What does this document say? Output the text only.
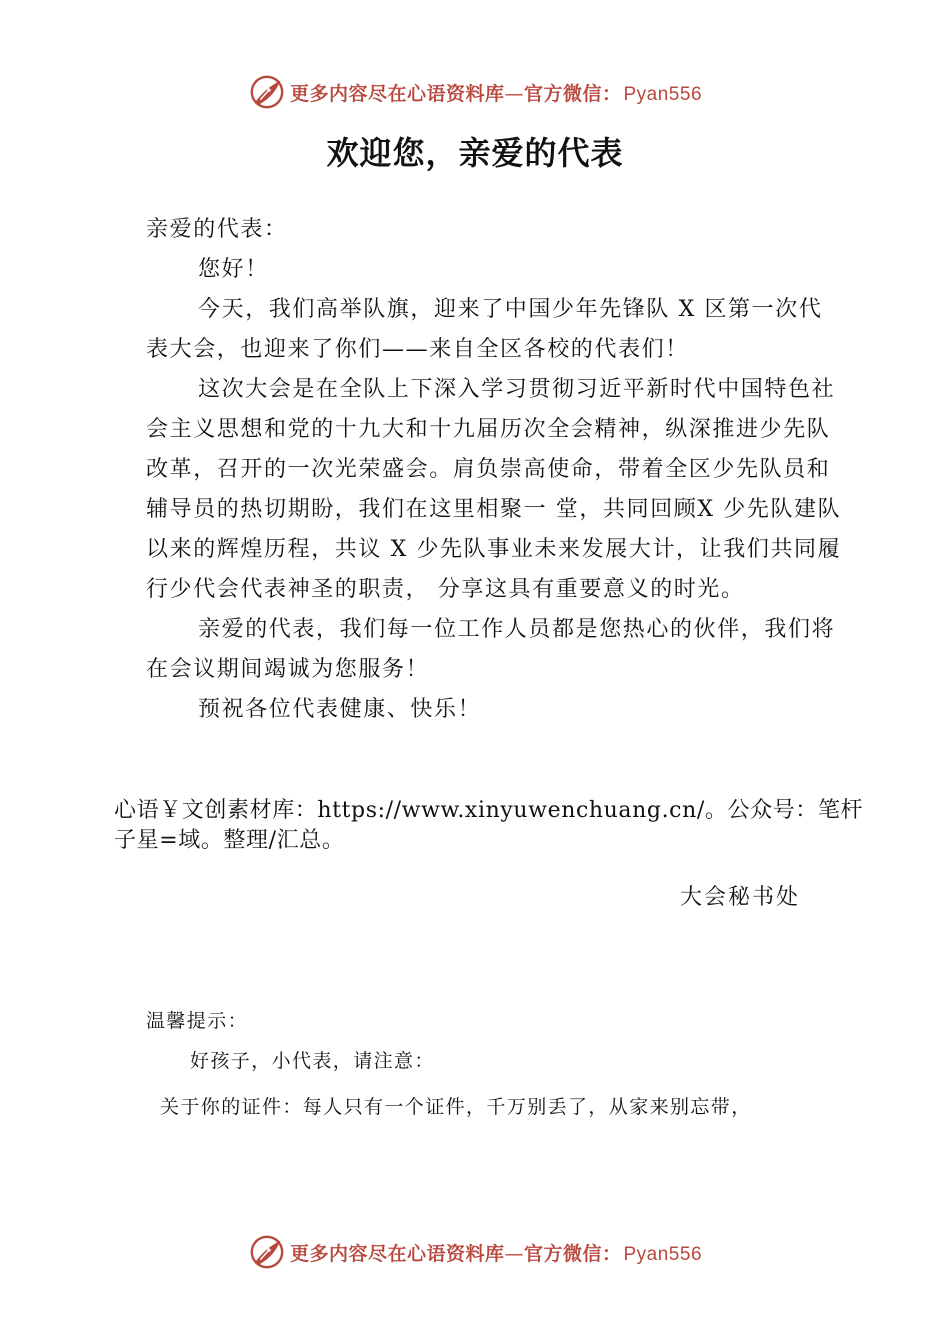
更多内容尽在心语资料库—官方微信： Pyan556
欢迎您，亲爱的代表

亲爱的代表：

您好！

今天，我们高举队旗，迎来了中国少年先锋队 X 区第一次代表大会，也迎来了你们——来自全区各校的代表们！

这次大会是在全队上下深入学习贯彻习近平新时代中国特色社会主义思想和党的十九大和十九届历次全会精神，纵深推进少先队改革，召开的一次光荣盛会。肩负崇高使命，带着全区少先队员和辅导员的热切期盼，我们在这里相聚一 堂，共同回顾X 少先队建队以来的辉煌历程，共议 X 少先队事业未来发展大计，让我们共同履行少代会代表神圣的职责， 分享这具有重要意义的时光。

亲爱的代表，我们每一位工作人员都是您热心的伙伴，我们将在会议期间竭诚为您服务！

预祝各位代表健康、快乐！

心语￥文创素材库：https://www.xinyuwenchuang.cn/。公众号：笔杆子星=域。整理/汇总。
大会秘书处
温馨提示：
好孩子，小代表，请注意：
关于你的证件：每人只有一个证件，千万别丢了，从家来别忘带，
更多内容尽在心语资料库—官方微信： Pyan556
